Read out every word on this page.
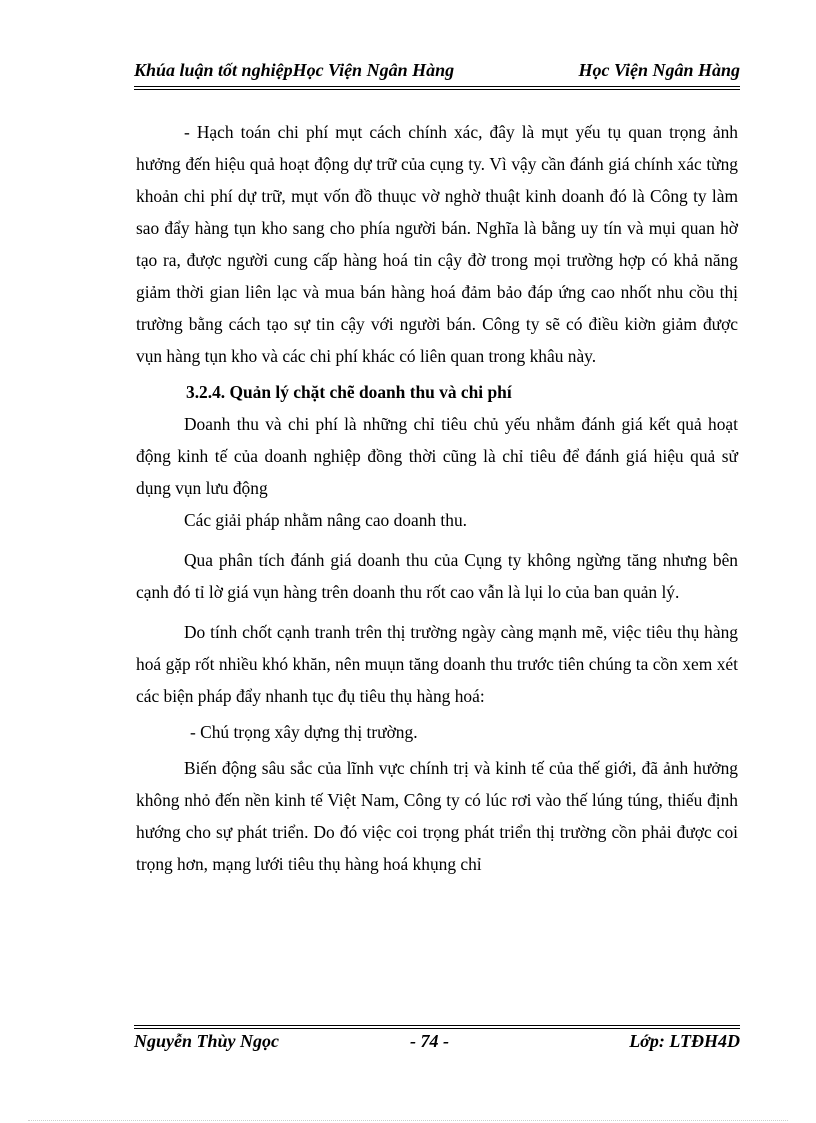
Khúa luận tốt nghiệpHọc Viện Ngân Hàng	Học Viện Ngân Hàng

- Hạch toán chi phí mụt cách chính xác, đây là mụt yếu tụ quan trọng ảnh hưởng đến hiệu quả hoạt động dự trữ của cụng ty. Vì vậy cần đánh giá chính xác từng khoản chi phí dự trữ, mụt vốn đồ thuục vờ nghờ thuật kinh doanh đó là Công ty làm sao đẩy hàng tụn kho sang cho phía người bán. Nghĩa là bằng uy tín và mụi quan hờ tạo ra, được người cung cấp hàng hoá tin cậy đờ trong mọi trường hợp có khả năng giảm thời gian liên lạc và mua bán hàng hoá đảm bảo đáp ứng cao nhốt nhu cồu thị trường bằng cách tạo sự tin cậy với người bán. Công ty sẽ có điều kiờn giảm được vụn hàng tụn kho và các chi phí khác có liên quan trong khâu này.

3.2.4. Quản lý chặt chẽ doanh thu và chi phí

Doanh thu và chi phí là những chỉ tiêu chủ yếu nhằm đánh giá kết quả hoạt động kinh tế của doanh nghiệp đồng thời cũng là chỉ tiêu để đánh giá hiệu quả sử dụng vụn lưu động

Các giải pháp nhằm nâng cao doanh thu.

Qua phân tích đánh giá doanh thu của Cụng ty không ngừng tăng nhưng bên cạnh đó tỉ lờ giá vụn hàng trên doanh thu rốt cao vẫn là lụi lo của ban quản lý.

Do tính chốt cạnh tranh trên thị trường ngày càng mạnh mẽ, việc tiêu thụ hàng hoá gặp rốt nhiều khó khăn, nên muụn tăng doanh thu trước tiên chúng ta cồn xem xét các biện pháp đẩy nhanh tục đụ tiêu thụ hàng hoá:

- Chú trọng xây dựng thị trường.

Biến động sâu sắc của lĩnh vực chính trị và kinh tế của thế giới, đã ảnh hưởng không nhỏ đến nền kinh tế Việt Nam, Công ty có lúc rơi vào thế lúng túng, thiếu định hướng cho sự phát triển. Do đó việc coi trọng phát triển thị trường cồn phải được coi trọng hơn, mạng lưới tiêu thụ hàng hoá khụng chỉ

Nguyễn Thùy Ngọc	- 74 -	Lớp: LTĐH4D
